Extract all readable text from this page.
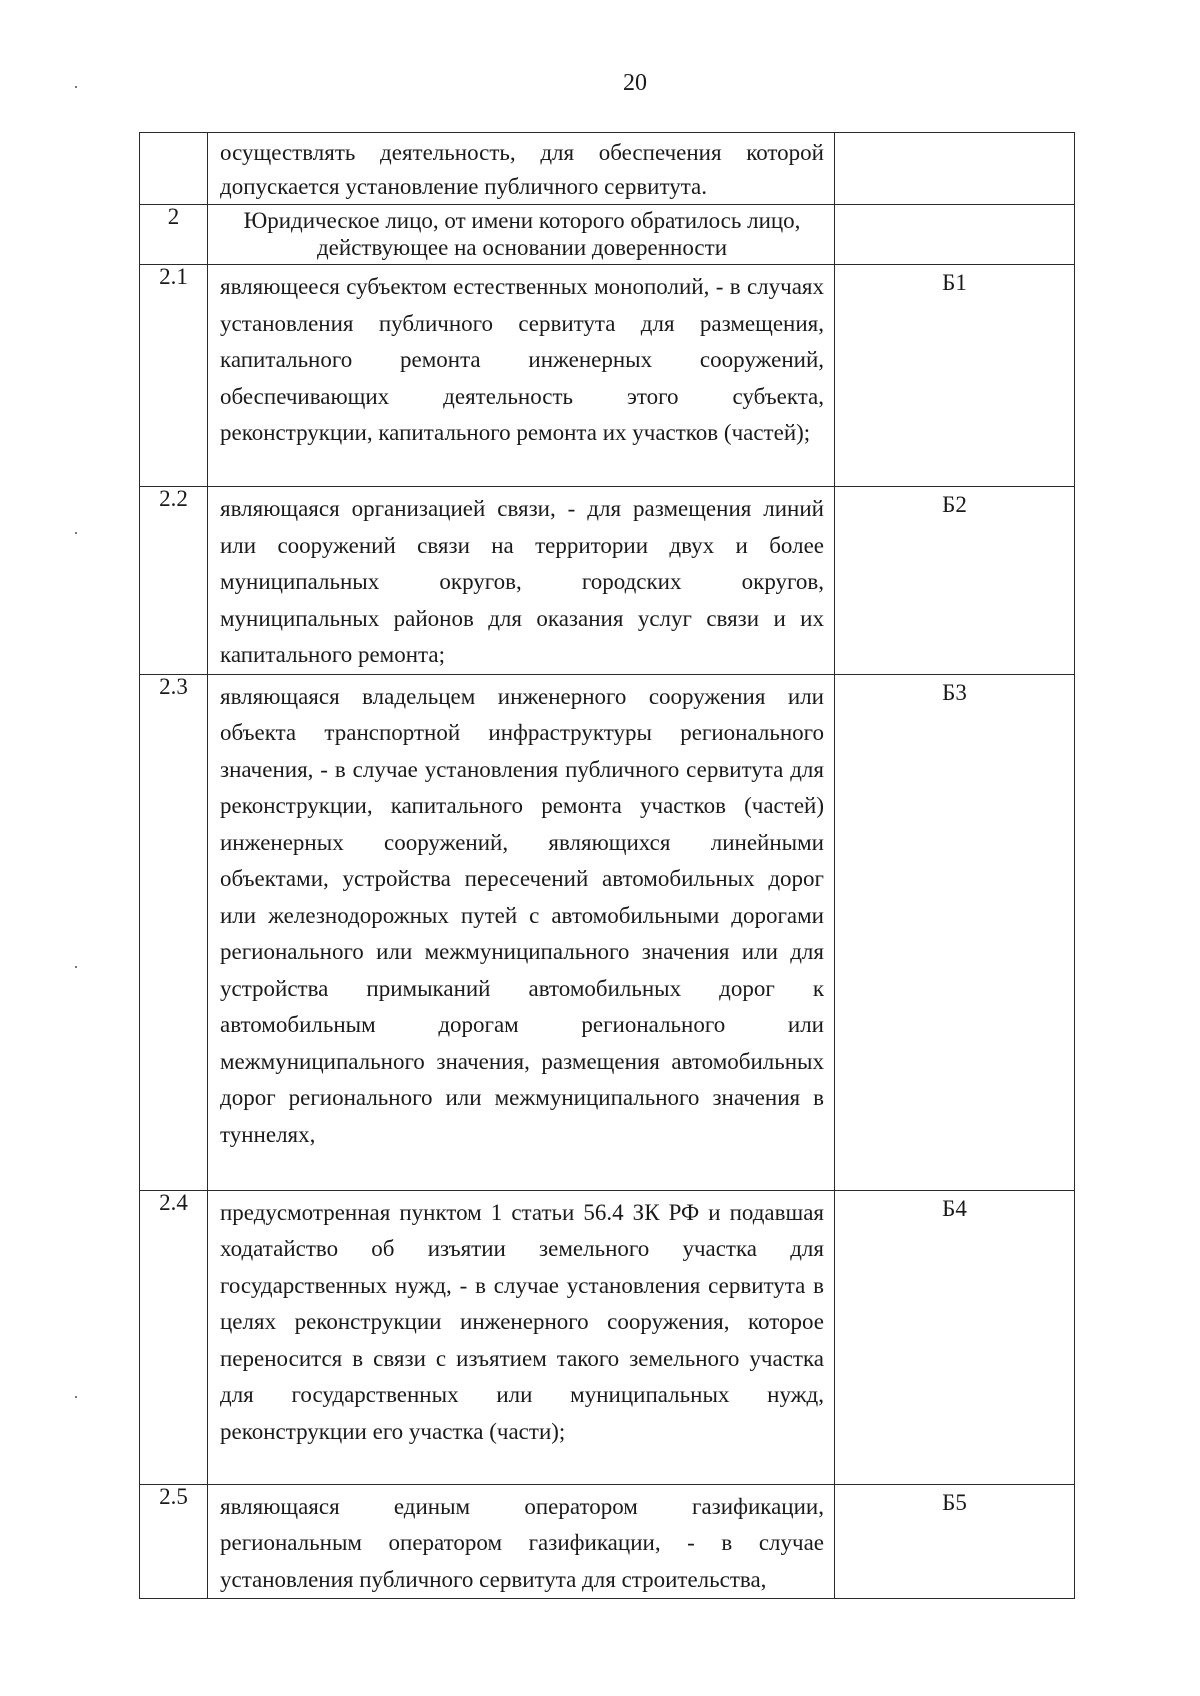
20
	осуществлять деятельность, для обеспечения которой допускается установление публичного сервитута.	
2	Юридическое лицо, от имени которого обратилось лицо, действующее на основании доверенности	
2.1	являющееся субъектом естественных монополий, - в случаях установления публичного сервитута для размещения, капитального ремонта инженерных сооружений, обеспечивающих деятельность этого субъекта, реконструкции, капитального ремонта их участков (частей);	Б1
2.2	являющаяся организацией связи, - для размещения линий или сооружений связи на территории двух и более муниципальных округов, городских округов, муниципальных районов для оказания услуг связи и их капитального ремонта;	Б2
2.3	являющаяся владельцем инженерного сооружения или объекта транспортной инфраструктуры регионального значения, - в случае установления публичного сервитута для реконструкции, капитального ремонта участков (частей) инженерных сооружений, являющихся линейными объектами, устройства пересечений автомобильных дорог или железнодорожных путей с автомобильными дорогами регионального или межмуниципального значения или для устройства примыканий автомобильных дорог к автомобильным дорогам регионального или межмуниципального значения, размещения автомобильных дорог регионального или межмуниципального значения в туннелях,	Б3
2.4	предусмотренная пунктом 1 статьи 56.4 ЗК РФ и подавшая ходатайство об изъятии земельного участка для государственных нужд, - в случае установления сервитута в целях реконструкции инженерного сооружения, которое переносится в связи с изъятием такого земельного участка для государственных или муниципальных нужд, реконструкции его участка (части);	Б4
2.5	являющаяся единым оператором газификации, региональным оператором газификации, - в случае установления публичного сервитута для строительства,	Б5
